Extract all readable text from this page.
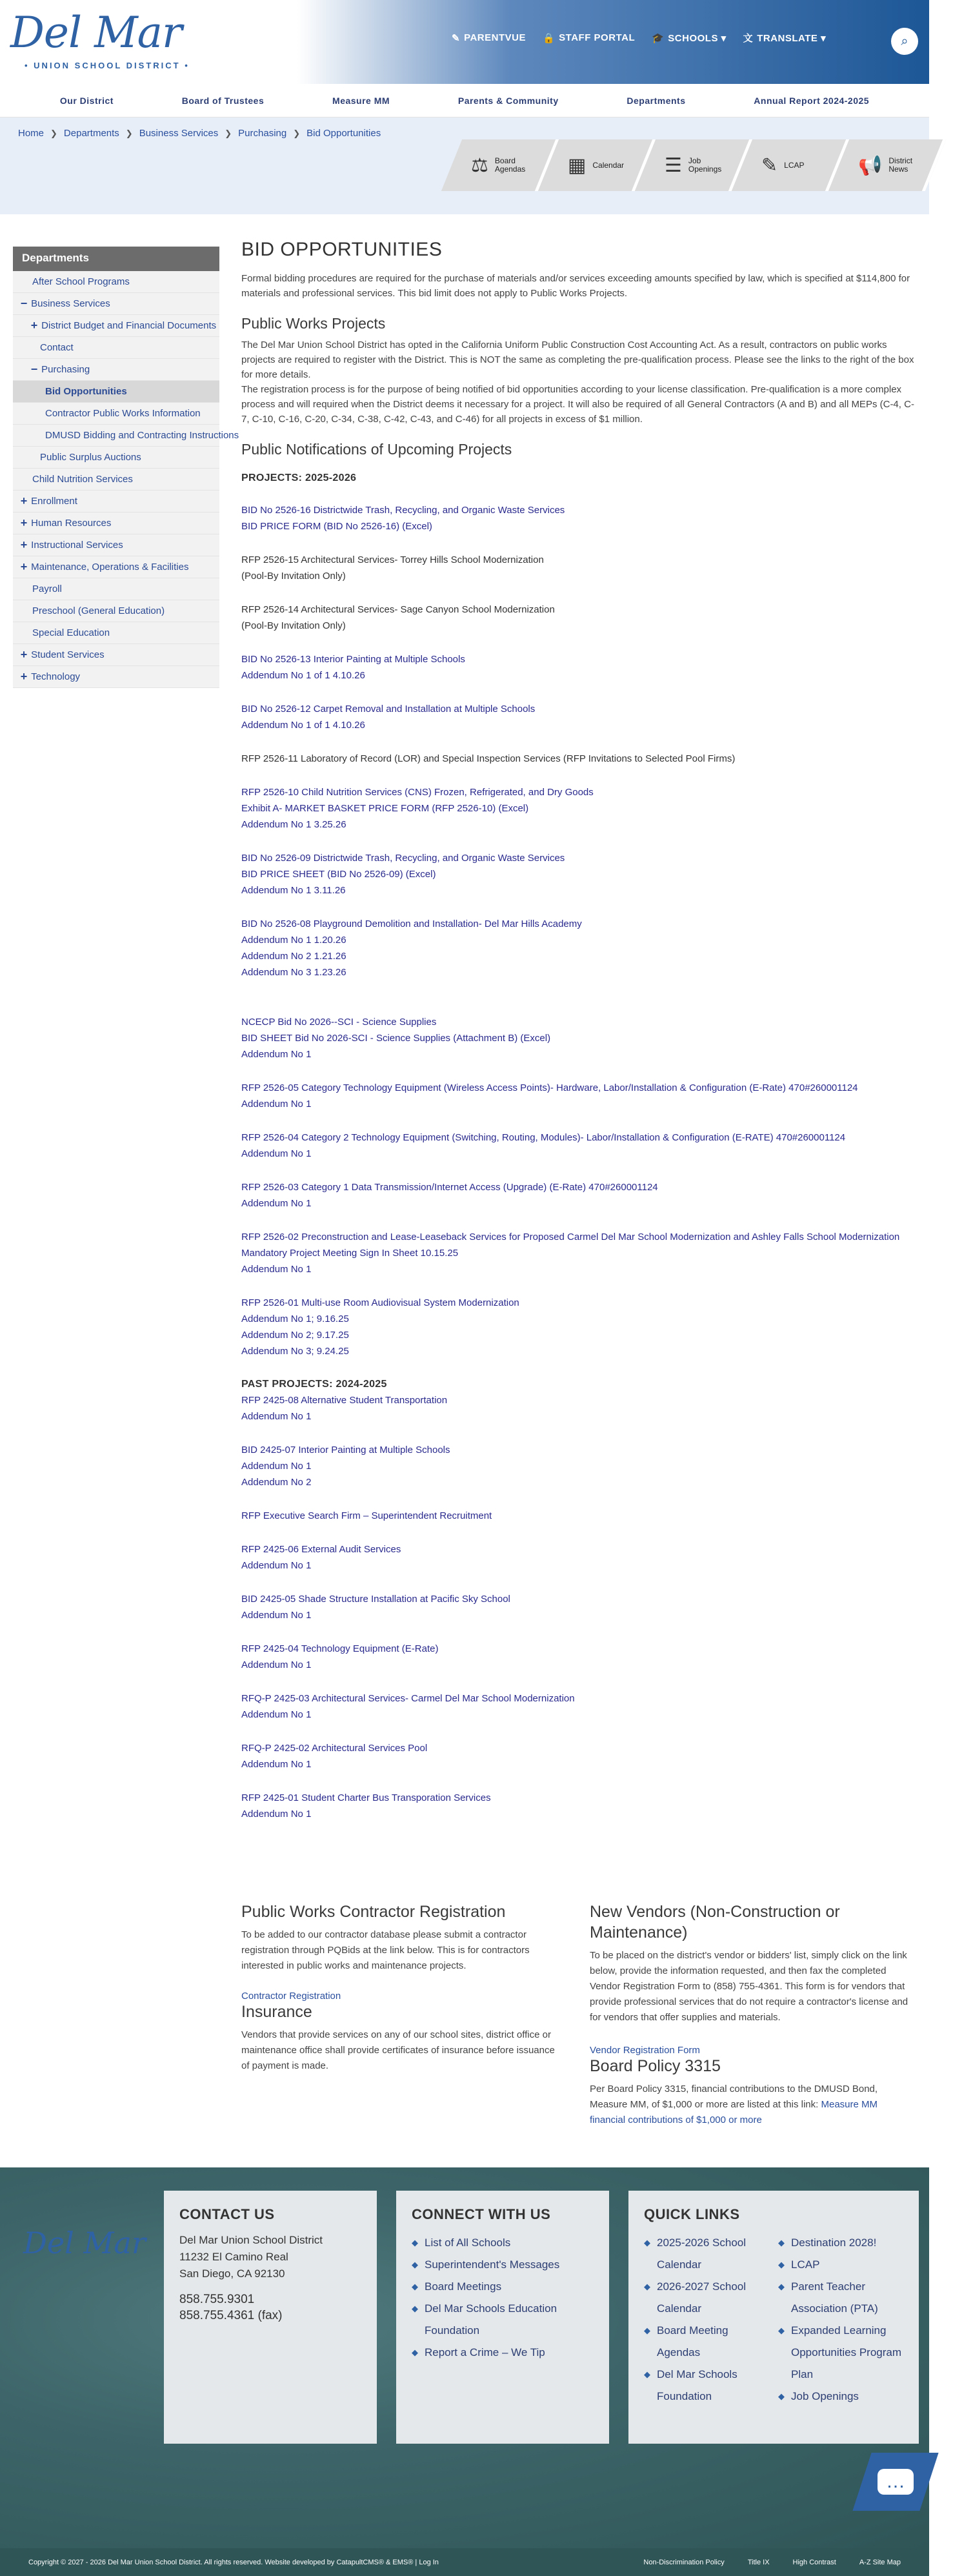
Del Mar
• UNION SCHOOL DISTRICT •
✎ PARENTVUE 🔒 STAFF PORTAL 🎓 SCHOOLS ▾ 文 TRANSLATE ▾	⌕
Our District	Board of Trustees	Measure MM	Parents & Community	Departments	Annual Report 2024-2025
Home ❯ Departments ❯ Business Services ❯ Purchasing ❯ Bid Opportunities
⚖ Board Agendas	▦ Calendar ☰ Job Openings	✎ LCAP	📢 District News
Departments
After School Programs
−
Business Services
+
District Budget and Financial Documents
Contact
−
Purchasing
Bid Opportunities
Contractor Public Works Information
DMUSD Bidding and Contracting Instructions
Public Surplus Auctions
Child Nutrition Services
+
Enrollment
+
Human Resources
+
Instructional Services
+
Maintenance, Operations & Facilities
Payroll
Preschool (General Education)
Special Education
+
Student Services
+
Technology
BID OPPORTUNITIES

Formal bidding procedures are required for the purchase of materials and/or services exceeding amounts specified by law, which is specified at $114,800 for materials and professional services. This bid limit does not apply to Public Works Projects.

Public Works Projects

The Del Mar Union School District has opted in the California Uniform Public Construction Cost Accounting Act. As a result, contractors on public works projects are required to register with the District. This is NOT the same as completing the pre-qualification process. Please see the links to the right of the box for more details.

The registration process is for the purpose of being notified of bid opportunities according to your license classification. Pre-qualification is a more complex process and will required when the District deems it necessary for a project. It will also be required of all General Contractors (A and B) and all MEPs (C-4, C-7, C-10, C-16, C-20, C-34, C-38, C-42, C-43, and C-46) for all projects in excess of $1 million.

Public Notifications of Upcoming Projects
PROJECTS: 2025-2026
BID No 2526-16 Districtwide Trash, Recycling, and Organic Waste Services
BID PRICE FORM (BID No 2526-16) (Excel)
RFP 2526-15 Architectural Services- Torrey Hills School Modernization
(Pool-By Invitation Only)
RFP 2526-14 Architectural Services- Sage Canyon School Modernization
(Pool-By Invitation Only)
BID No 2526-13 Interior Painting at Multiple Schools
Addendum No 1 of 1 4.10.26
BID No 2526-12 Carpet Removal and Installation at Multiple Schools
Addendum No 1 of 1 4.10.26
RFP 2526-11 Laboratory of Record (LOR) and Special Inspection Services (RFP Invitations to Selected Pool Firms)
RFP 2526-10 Child Nutrition Services (CNS) Frozen, Refrigerated, and Dry Goods
Exhibit A- MARKET BASKET PRICE FORM (RFP 2526-10) (Excel)
Addendum No 1 3.25.26
BID No 2526-09 Districtwide Trash, Recycling, and Organic Waste Services
BID PRICE SHEET (BID No 2526-09) (Excel)
Addendum No 1 3.11.26
BID No 2526-08 Playground Demolition and Installation- Del Mar Hills Academy
Addendum No 1 1.20.26
Addendum No 2 1.21.26
Addendum No 3 1.23.26
NCECP Bid No 2026--SCI - Science Supplies
BID SHEET Bid No 2026-SCI - Science Supplies (Attachment B) (Excel)
Addendum No 1
RFP 2526-05 Category Technology Equipment (Wireless Access Points)- Hardware, Labor/Installation & Configuration (E-Rate) 470#260001124
Addendum No 1
RFP 2526-04 Category 2 Technology Equipment (Switching, Routing, Modules)- Labor/Installation & Configuration (E-RATE) 470#260001124
Addendum No 1
RFP 2526-03 Category 1 Data Transmission/Internet Access (Upgrade) (E-Rate) 470#260001124
Addendum No 1
RFP 2526-02 Preconstruction and Lease-Leaseback Services for Proposed Carmel Del Mar School Modernization and Ashley Falls School Modernization
Mandatory Project Meeting Sign In Sheet 10.15.25
Addendum No 1
RFP 2526-01 Multi-use Room Audiovisual System Modernization
Addendum No 1; 9.16.25
Addendum No 2; 9.17.25
Addendum No 3; 9.24.25
PAST PROJECTS: 2024-2025
RFP 2425-08 Alternative Student Transportation
Addendum No 1
BID 2425-07 Interior Painting at Multiple Schools
Addendum No 1
Addendum No 2
RFP Executive Search Firm – Superintendent Recruitment
RFP 2425-06 External Audit Services
Addendum No 1
BID 2425-05 Shade Structure Installation at Pacific Sky School
Addendum No 1
RFP 2425-04 Technology Equipment (E-Rate)
Addendum No 1
RFQ-P 2425-03 Architectural Services- Carmel Del Mar School Modernization
Addendum No 1
RFQ-P 2425-02 Architectural Services Pool
Addendum No 1
RFP 2425-01 Student Charter Bus Transporation Services
Addendum No 1
Public Works Contractor Registration

To be added to our contractor database please submit a contractor registration through PQBids at the link below. This is for contractors interested in public works and maintenance projects.

Contractor Registration
Insurance

Vendors that provide services on any of our school sites, district office or maintenance office shall provide certificates of insurance before issuance of payment is made.

New Vendors (Non-Construction or Maintenance)

To be placed on the district's vendor or bidders' list, simply click on the link below, provide the information requested, and then fax the completed Vendor Registration Form to (858) 755-4361. This form is for vendors that provide professional services that do not require a contractor's license and for vendors that offer supplies and materials.

Vendor Registration Form
Board Policy 3315

Per Board Policy 3315, financial contributions to the DMUSD Bond, Measure MM, of $1,000 or more are listed at this link: Measure MM financial contributions of $1,000 or more

Del Mar
CONTACT US
Del Mar Union School District
11232 El Camino Real
San Diego, CA 92130
858.755.9301
858.755.4361 (fax)
CONNECT WITH US
◆ List of All Schools
◆ Superintendent's Messages
◆ Board Meetings
◆ Del Mar Schools Education Foundation
◆ Report a Crime – We Tip
QUICK LINKS
◆ 2025-2026 School Calendar
◆ 2026-2027 School Calendar
◆ Board Meeting Agendas
◆ Del Mar Schools Foundation
◆ Destination 2028!
◆ LCAP
◆ Parent Teacher Association (PTA)
◆ Expanded Learning Opportunities Program Plan
◆ Job Openings
…
Copyright © 2027 - 2026 Del Mar Union School District. All rights reserved. Website developed by CatapultCMS® & EMS® | Log In	Non-Discrimination Policy	Title IX	High Contrast	A-Z Site Map
